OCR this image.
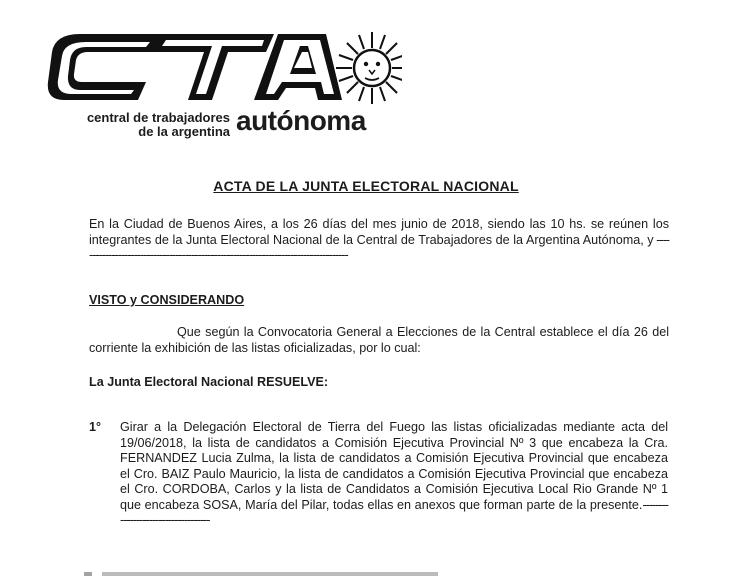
central de trabajadores
de la argentina autónoma
ACTA DE LA JUNTA ELECTORAL NACIONAL
En la Ciudad de Buenos Aires, a los 26 días del mes junio de 2018, siendo las 10 hs. se reúnen los integrantes de la Junta Electoral Nacional de la Central de Trabajadores de la Argentina Autónoma, y -------------------------------------------------------------------------------------
VISTO y CONSIDERANDO
Que según la Convocatoria General a Elecciones de la Central establece el día 26 del corriente la exhibición de las listas oficializadas, por lo cual:
La Junta Electoral Nacional RESUELVE:
1° Girar a la Delegación Electoral de Tierra del Fuego las listas oficializadas mediante acta del 19/06/2018, la lista de candidatos a Comisión Ejecutiva Provincial Nº 3 que encabeza la Cra. FERNANDEZ Lucia Zulma, la lista de candidatos a Comisión Ejecutiva Provincial que encabeza el Cro. BAIZ Paulo Mauricio, la lista de candidatos a Comisión Ejecutiva Provincial que encabeza el Cro. CORDOBA, Carlos y la lista de Candidatos a Comisión Ejecutiva Local Rio Grande Nº 1 que encabeza SOSA, María del Pilar, todas ellas en anexos que forman parte de la presente.------------------------------------
